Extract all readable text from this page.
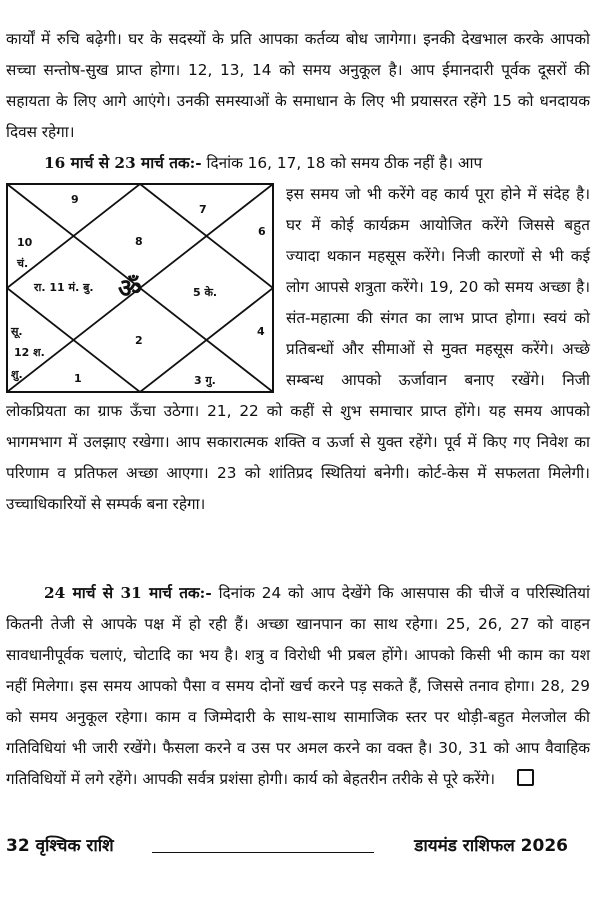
कार्यों में रुचि बढ़ेगी। घर के सदस्यों के प्रति आपका कर्तव्य बोध जागेगा। इनकी देखभाल करके आपको सच्चा सन्तोष-सुख प्राप्त होगा। 12, 13, 14 को समय अनुकूल है। आप ईमानदारी पूर्वक दूसरों की सहायता के लिए आगे आएंगे। उनकी समस्याओं के समाधान के लिए भी प्रयासरत रहेंगे 15 को धनदायक दिवस रहेगा।

16 मार्च से 23 मार्च तक:- दिनांक 16, 17, 18 को समय ठीक नहीं है। आप

ॐ
8
9
7
6
10
चं.
रा. 11 मं. बु.	5 के.
4
2
सू.
12 श.
शु.	1	3 गु.

इस समय जो भी करेंगे वह कार्य पूरा होने में संदेह है। घर में कोई कार्यक्रम आयोजित करेंगे जिससे बहुत ज्यादा थकान महसूस करेंगे। निजी कारणों से भी कई लोग आपसे शत्रुता करेंगे। 19, 20 को समय अच्छा है। संत-महात्मा की संगत का लाभ प्राप्त होगा। स्वयं को प्रतिबन्धों और सीमाओं से मुक्त महसूस करेंगे। अच्छे सम्बन्ध आपको ऊर्जावान बनाए रखेंगे। निजी लोकप्रियता का ग्राफ ऊँचा उठेगा। 21, 22 को कहीं से शुभ समाचार प्राप्त होंगे। यह समय आपको भागमभाग में उलझाए रखेगा। आप सकारात्मक शक्ति व ऊर्जा से युक्त रहेंगे। पूर्व में किए गए निवेश का परिणाम व प्रतिफल अच्छा आएगा। 23 को शांतिप्रद स्थितियां बनेगी। कोर्ट-केस में सफलता मिलेगी। उच्चाधिकारियों से सम्पर्क बना रहेगा।

24 मार्च से 31 मार्च तक:- दिनांक 24 को आप देखेंगे कि आसपास की चीजें व परिस्थितियां कितनी तेजी से आपके पक्ष में हो रही हैं। अच्छा खानपान का साथ रहेगा। 25, 26, 27 को वाहन सावधानीपूर्वक चलाएं, चोटादि का भय है। शत्रु व विरोधी भी प्रबल होंगे। आपको किसी भी काम का यश नहीं मिलेगा। इस समय आपको पैसा व समय दोनों खर्च करने पड़ सकते हैं, जिससे तनाव होगा। 28, 29 को समय अनुकूल रहेगा। काम व जिम्मेदारी के साथ-साथ सामाजिक स्तर पर थोड़ी-बहुत मेलजोल की गतिविधियां भी जारी रखेंगे। फैसला करने व उस पर अमल करने का वक्त है। 30, 31 को आप वैवाहिक गतिविधियों में लगे रहेंगे। आपकी सर्वत्र प्रशंसा होगी। कार्य को बेहतरीन तरीके से पूरे करेंगे।

32 वृश्चिक राशि	डायमंड राशिफल 2026
